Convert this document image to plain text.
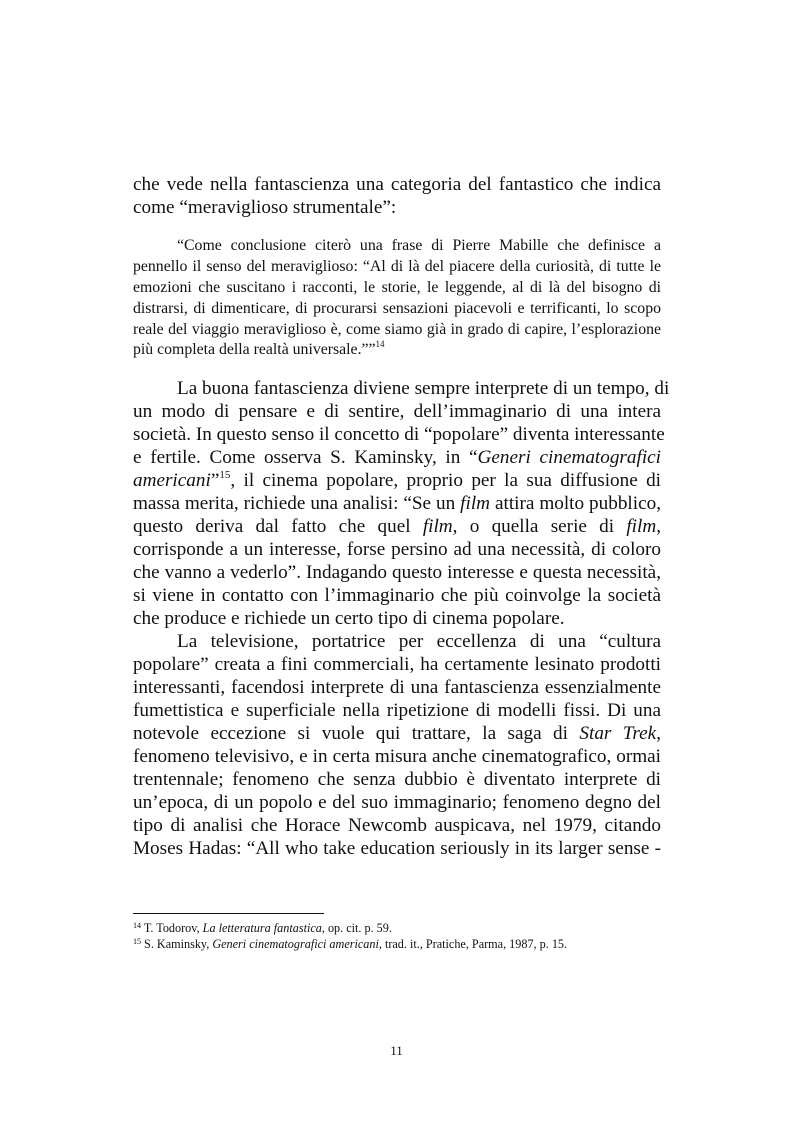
che vede nella fantascienza una categoria del fantastico che indica
come “meraviglioso strumentale”:
“Come conclusione citerò una frase di Pierre Mabille che definisce a
pennello il senso del meraviglioso: “Al di là del piacere della curiosità, di tutte le
emozioni che suscitano i racconti, le storie, le leggende, al di là del bisogno di
distrarsi, di dimenticare, di procurarsi sensazioni piacevoli e terrificanti, lo scopo
reale del viaggio meraviglioso è, come siamo già in grado di capire, l’esplorazione
più completa della realtà universale.””$^{14}$
La buona fantascienza diviene sempre interprete di un tempo, di
un modo di pensare e di sentire, dell’immaginario di una intera
società. In questo senso il concetto di “popolare” diventa interessante
e fertile. Come osserva S. Kaminsky, in “Generi cinematografici
americani”$^{15}$, il cinema popolare, proprio per la sua diffusione di
massa merita, richiede una analisi: “Se un film attira molto pubblico,
questo deriva dal fatto che quel film, o quella serie di film,
corrisponde a un interesse, forse persino ad una necessità, di coloro
che vanno a vederlo”. Indagando questo interesse e questa necessità,
si viene in contatto con l’immaginario che più coinvolge la società
che produce e richiede un certo tipo di cinema popolare.
La televisione, portatrice per eccellenza di una “cultura
popolare” creata a fini commerciali, ha certamente lesinato prodotti
interessanti, facendosi interprete di una fantascienza essenzialmente
fumettistica e superficiale nella ripetizione di modelli fissi. Di una
notevole eccezione si vuole qui trattare, la saga di Star Trek,
fenomeno televisivo, e in certa misura anche cinematografico, ormai
trentennale; fenomeno che senza dubbio è diventato interprete di
un’epoca, di un popolo e del suo immaginario; fenomeno degno del
tipo di analisi che Horace Newcomb auspicava, nel 1979, citando
Moses Hadas: “All who take education seriously in its larger sense -
$^{14}$ T. Todorov, La letteratura fantastica, op. cit. p. 59.
$^{15}$ S. Kaminsky, Generi cinematografici americani, trad. it., Pratiche, Parma, 1987, p. 15.
11
